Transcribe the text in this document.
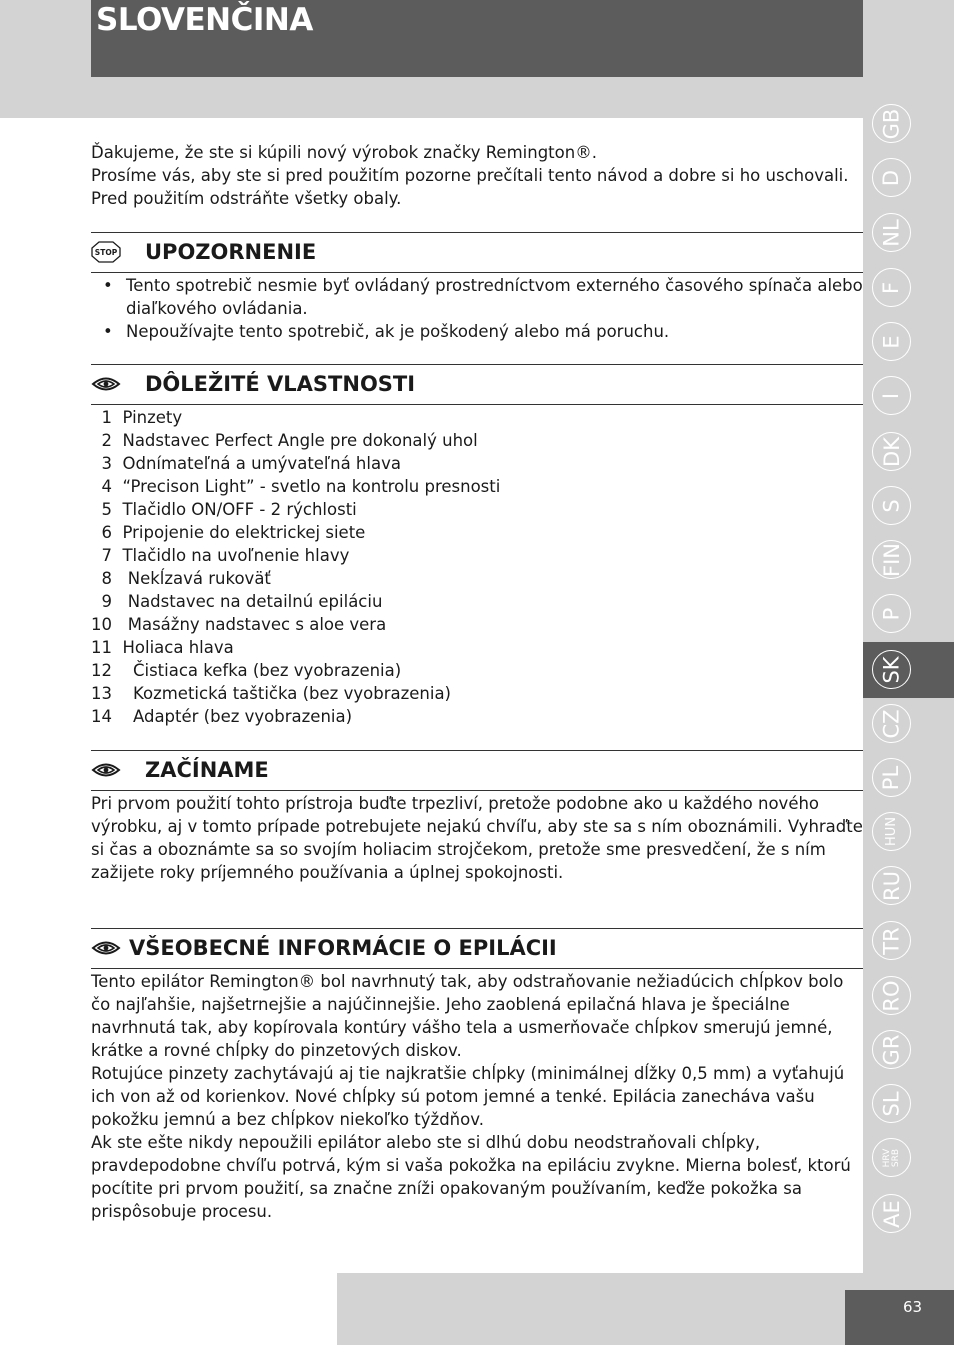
SLOVENČINA

Ďakujeme, že ste si kúpili nový výrobok značky Remington®.

Prosíme vás, aby ste si pred použitím pozorne prečítali tento návod a dobre si ho uschovali.

Pred použitím odstráňte všetky obaly.

STOP UPOZORNENIE
• Tento spotrebič nesmie byť ovládaný prostredníctvom externého časového spínača alebo diaľkového ovládania.
• Nepoužívajte tento spotrebič, ak je poškodený alebo má poruchu.
DÔLEŽITÉ VLASTNOSTI
1  Pinzety
2  Nadstavec Perfect Angle pre dokonalý uhol
3  Odnímateľná a umývateľná hlava
4  “Precison Light” - svetlo na kontrolu presnosti
5  Tlačidlo ON/OFF - 2 rýchlosti
6  Pripojenie do elektrickej siete
7  Tlačidlo na uvoľnenie hlavy
8   Nekĺzavá rukoväť
9   Nadstavec na detailnú epiláciu
10   Masážny nadstavec s aloe vera
11  Holiaca hlava
12    Čistiaca kefka (bez vyobrazenia)
13    Kozmetická taštička (bez vyobrazenia)
14    Adaptér (bez vyobrazenia)
ZAČÍNAME

Pri prvom použití tohto prístroja buďte trpezliví, pretože podobne ako u každého nového výrobku, aj v tomto prípade potrebujete nejakú chvíľu, aby ste sa s ním oboznámili. Vyhraďte si čas a oboznámte sa so svojím holiacim strojčekom, pretože sme presvedčení, že s ním zažijete roky príjemného používania a úplnej spokojnosti.

VŠEOBECNÉ INFORMÁCIE O EPILÁCII

Tento epilátor Remington® bol navrhnutý tak, aby odstraňovanie nežiadúcich chĺpkov bolo čo najľahšie, najšetrnejšie a najúčinnejšie. Jeho zaoblená epilačná hlava je špeciálne navrhnutá tak, aby kopírovala kontúry vášho tela a usmerňovače chĺpkov smerujú jemné, krátke a rovné chĺpky do pinzetových diskov.

Rotujúce pinzety zachytávajú aj tie najkratšie chĺpky (minimálnej dĺžky 0,5 mm) a vyťahujú ich von až od korienkov. Nové chĺpky sú potom jemné a tenké. Epilácia zanecháva vašu pokožku jemnú a bez chĺpkov niekoľko týždňov.

Ak ste ešte nikdy nepoužili epilátor alebo ste si dlhú dobu neodstraňovali chĺpky, pravdepodobne chvíľu potrvá, kým si vaša pokožka na epiláciu zvykne. Mierna bolesť, ktorú pocítite pri prvom použití, sa značne zníži opakovaným používaním, keďže pokožka sa prispôsobuje procesu.

GB
D
NL
F
E
I
DK
S
FIN
P
SK
CZ
PL
HUN
RU
TR
RO
GR
SL
HRV SRB
AE
63
